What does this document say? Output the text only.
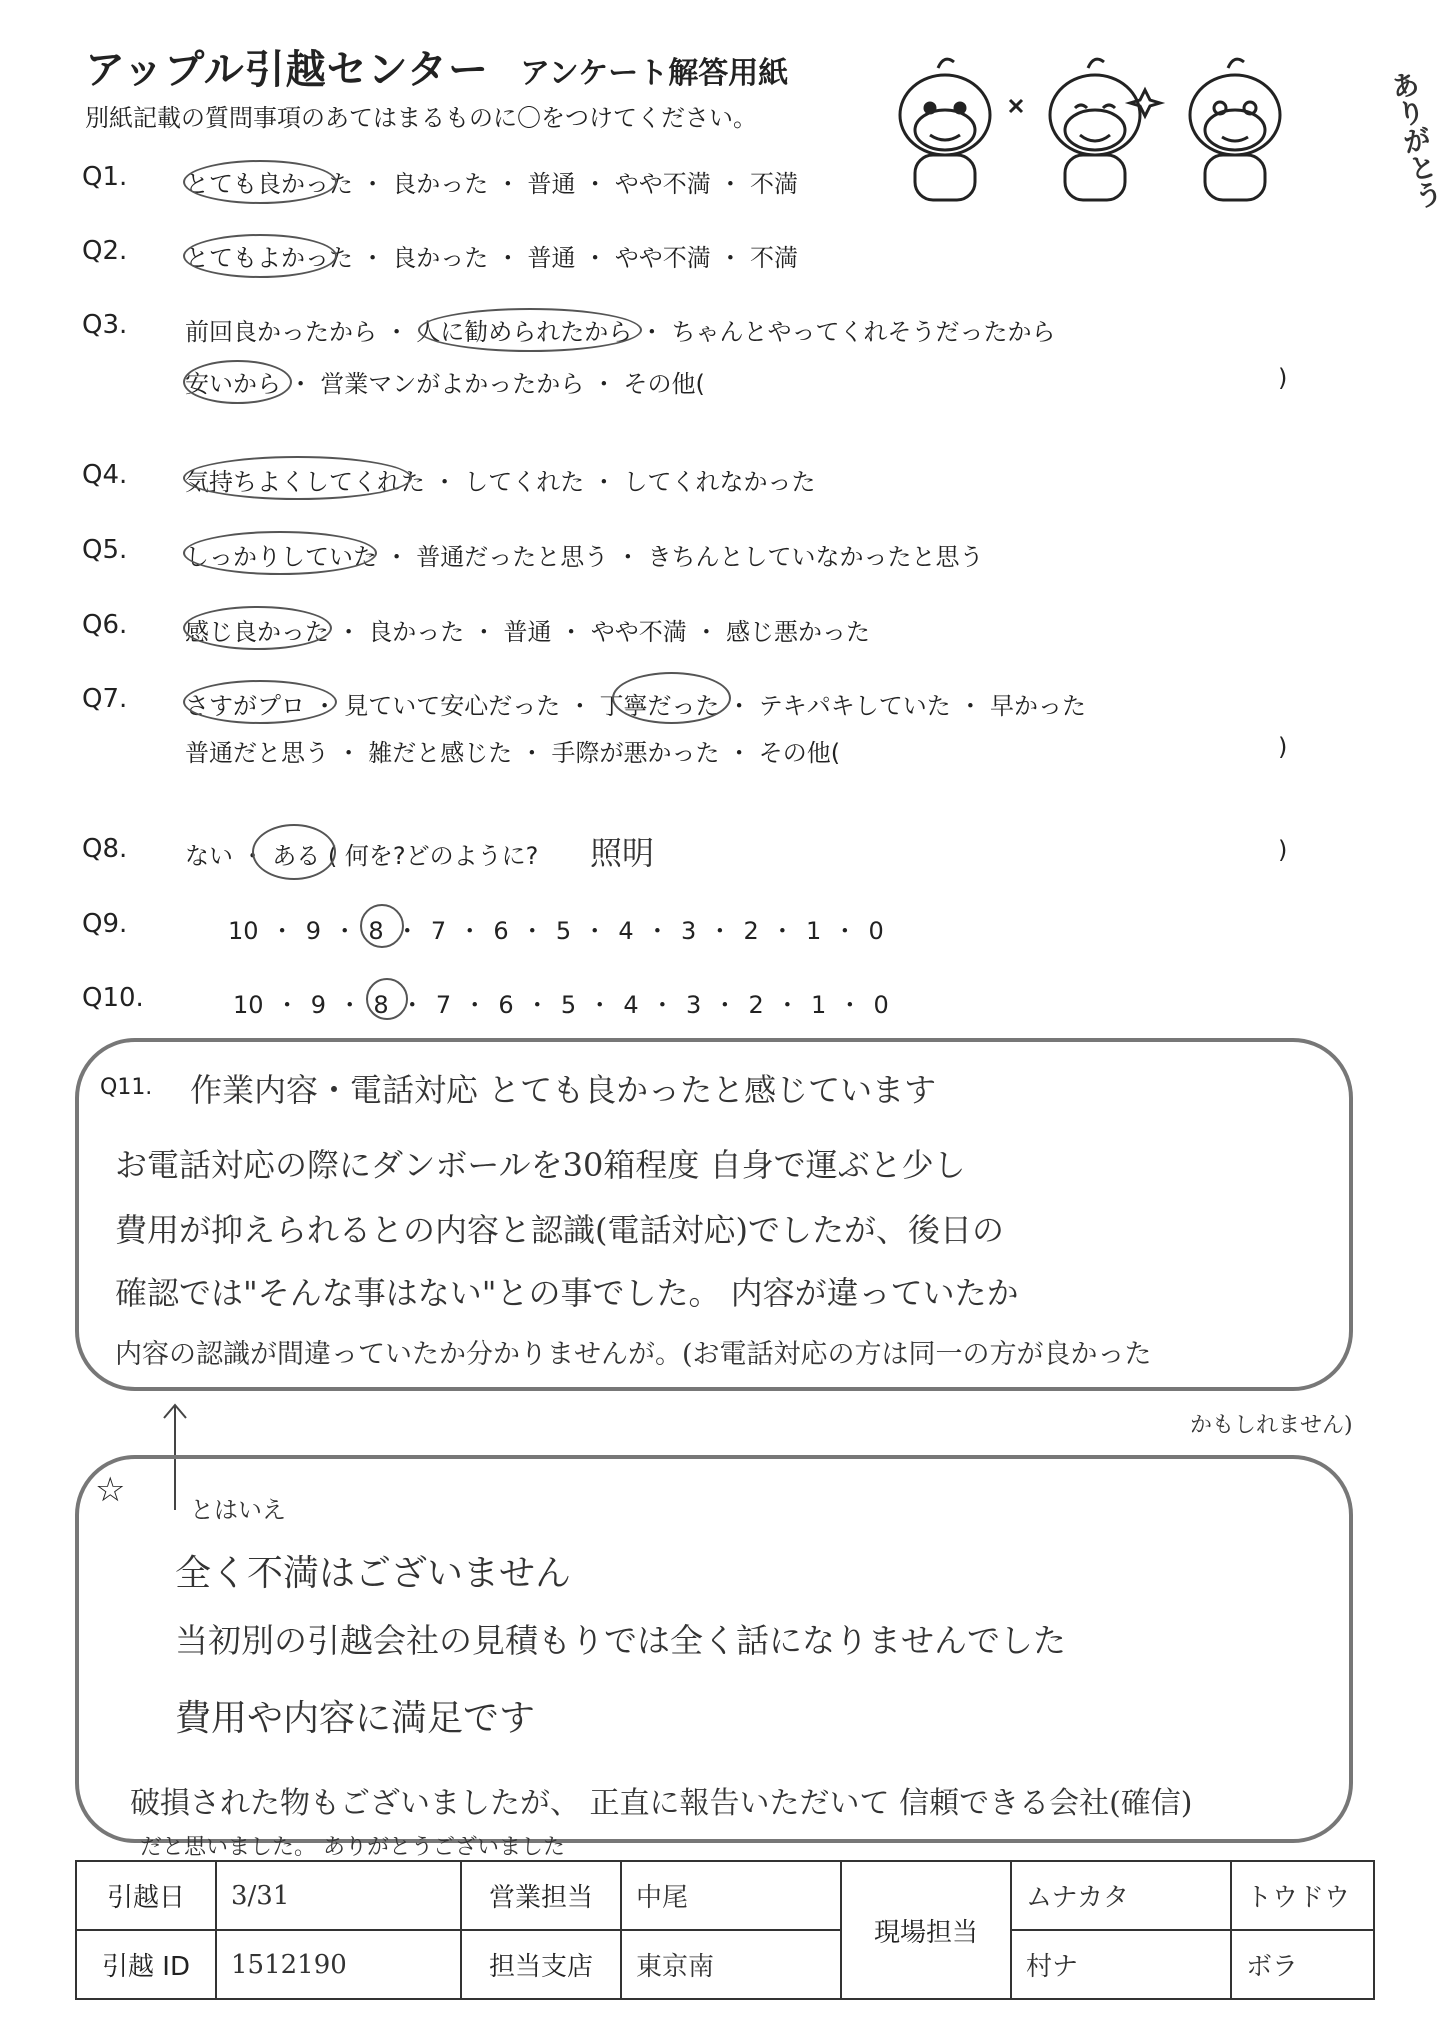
アップル引越センター アンケート解答用紙
別紙記載の質問事項のあてはまるものに〇をつけてください。	ありがとう
Q1. とても良かった ・ 良かった ・ 普通 ・ やや不満 ・ 不満
Q2. とてもよかった ・ 良かった ・ 普通 ・ やや不満 ・ 不満
Q3. 前回良かったから ・ 人に勧められたから ・ ちゃんとやってくれそうだったから
安いから ・ 営業マンがよかったから ・ その他(	)
Q4. 気持ちよくしてくれた ・ してくれた ・ してくれなかった
Q5. しっかりしていた ・ 普通だったと思う ・ きちんとしていなかったと思う
Q6. 感じ良かった ・ 良かった ・ 普通 ・ やや不満 ・ 感じ悪かった
Q7. さすがプロ ・ 見ていて安心だった ・ 丁寧だった ・ テキパキしていた ・ 早かった
普通だと思う ・ 雑だと感じた ・ 手際が悪かった ・ その他(	)
Q8. ない ・ ある ( 何を?どのように? 照明	)
Q9.	10 ・ 9 ・ 8 ・ 7 ・ 6 ・ 5 ・ 4 ・ 3 ・ 2 ・ 1 ・ 0
Q10.	10 ・ 9 ・ 8 ・ 7 ・ 6 ・ 5 ・ 4 ・ 3 ・ 2 ・ 1 ・ 0
Q11. 作業内容・電話対応 とても良かったと感じています
お電話対応の際にダンボールを30箱程度 自身で運ぶと少し
費用が抑えられるとの内容と認識(電話対応)でしたが、後日の
確認では"そんな事はない"との事でした。 内容が違っていたか
内容の認識が間違っていたか分かりませんが。(お電話対応の方は同一の方が良かった
かもしれません)
☆	とはいえ
全く不満はございません
当初別の引越会社の見積もりでは全く話になりませんでした
費用や内容に満足です
破損された物もございましたが、 正直に報告いただいて 信頼できる会社(確信)
だと思いました。 ありがとうございました
引越日	3/31	営業担当	中尾	現場担当	ムナカタ	トウドウ
引越 ID	1512190	担当支店	東京南		村ナ	ボラ
